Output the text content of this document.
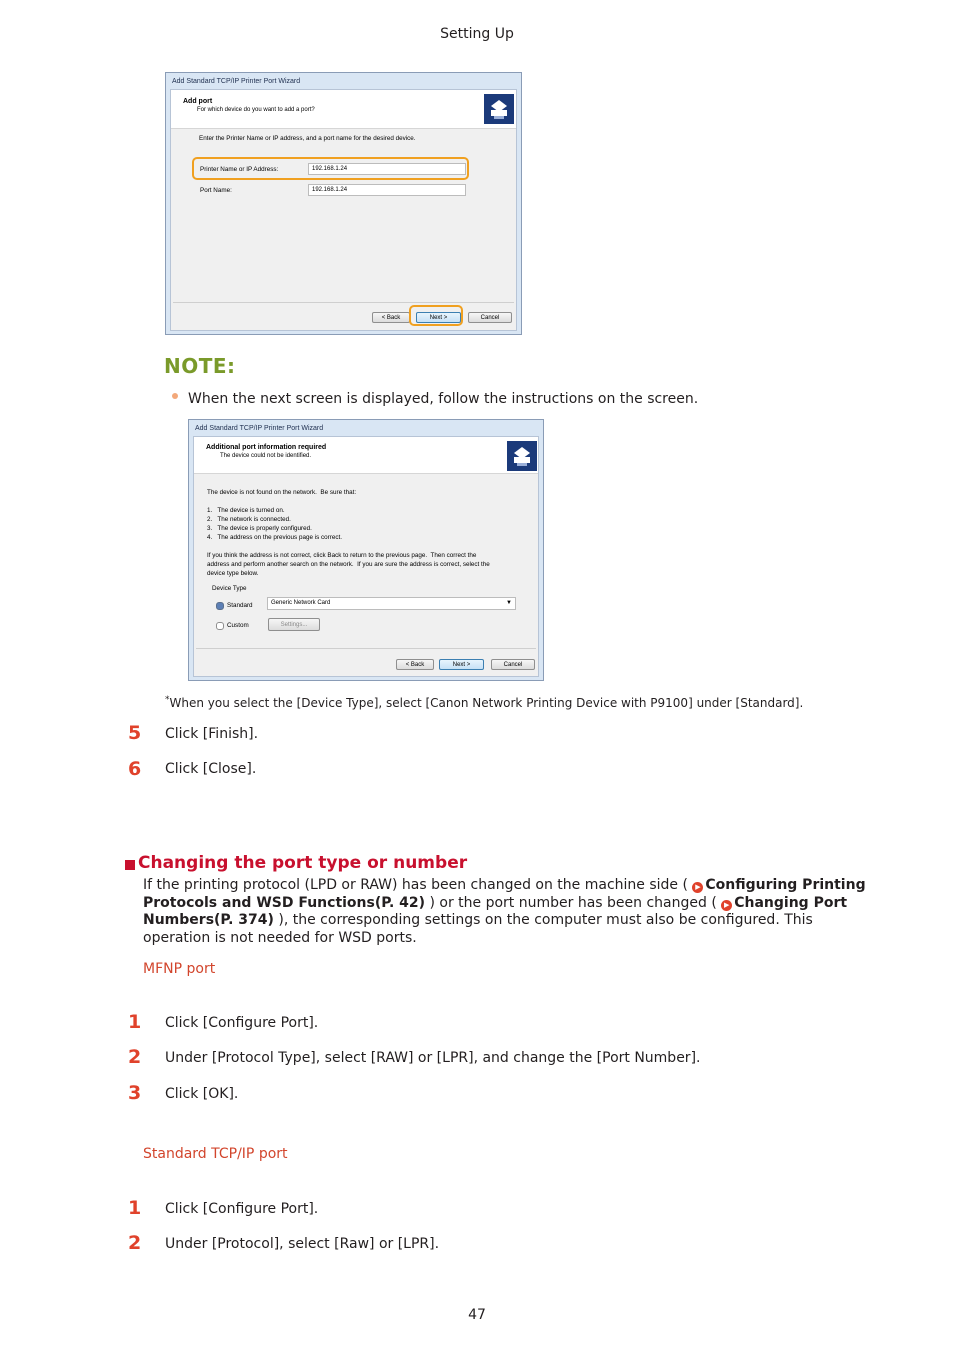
Setting Up
Add Standard TCP/IP Printer Port Wizard
Add port
For which device do you want to add a port?
Enter the Printer Name or IP address, and a port name for the desired device.
Printer Name or IP Address:	192.168.1.24
Port Name:	192.168.1.24
< Back	Next >	Cancel
NOTE:
When the next screen is displayed, follow the instructions on the screen.
Add Standard TCP/IP Printer Port Wizard
Additional port information required
The device could not be identified.
The device is not found on the network.  Be sure that:
1.   The device is turned on.
2.   The network is connected.
3.   The device is properly configured.
4.   The address on the previous page is correct.
If you think the address is not correct, click Back to return to the previous page.  Then correct the
address and perform another search on the network.  If you are sure the address is correct, select the
device type below.
Device Type
Standard	Generic Network Card	▼
Custom	Settings...
< Back	Next >	Cancel
*When you select the [Device Type], select [Canon Network Printing Device with P9100] under [Standard].
5 Click [Finish].
6 Click [Close].
Changing the port type or number
If the printing protocol (LPD or RAW) has been changed on the machine side ( ▶ Configuring Printing Protocols and WSD Functions(P. 42) ) or the port number has been changed ( ▶ Changing Port Numbers(P. 374) ), the corresponding settings on the computer must also be configured. This operation is not needed for WSD ports.
MFNP port
1 Click [Configure Port].
2 Under [Protocol Type], select [RAW] or [LPR], and change the [Port Number].
3 Click [OK].
Standard TCP/IP port
1 Click [Configure Port].
2 Under [Protocol], select [Raw] or [LPR].
47
